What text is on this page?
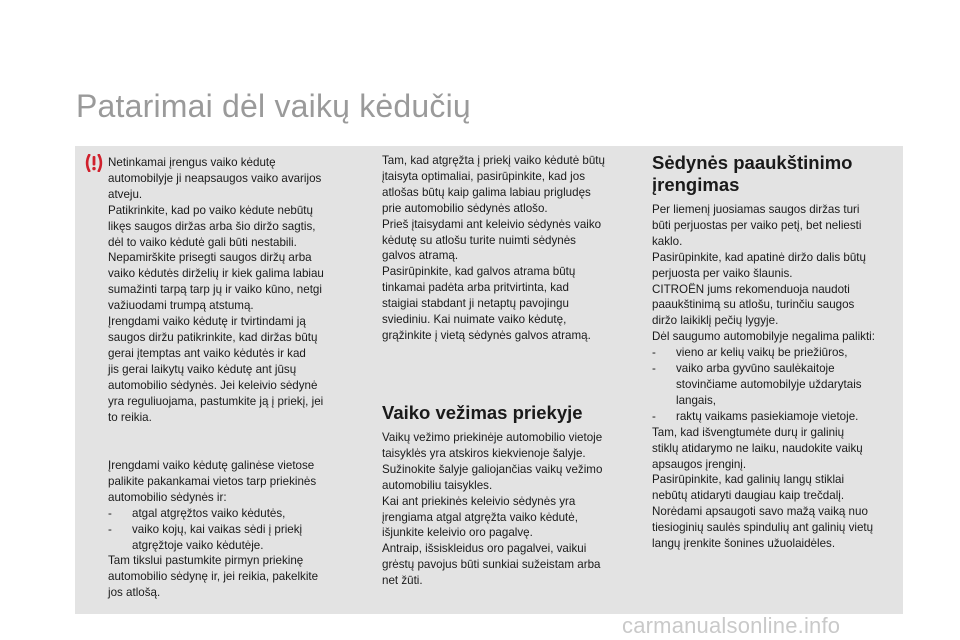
Patarimai dėl vaikų kėdučių

Netinkamai įrengus vaiko kėdutę

automobilyje ji neapsaugos vaiko avarijos

atveju.

Patikrinkite, kad po vaiko kėdute nebūtų

likęs saugos diržas arba šio diržo sagtis,

dėl to vaiko kėdutė gali būti nestabili.

Nepamirškite prisegti saugos diržų arba

vaiko kėdutės dirželių ir kiek galima labiau

sumažinti tarpą tarp jų ir vaiko kūno, netgi

važiuodami trumpą atstumą.

Įrengdami vaiko kėdutę ir tvirtindami ją

saugos diržu patikrinkite, kad diržas būtų

gerai įtemptas ant vaiko kėdutės ir kad

jis gerai laikytų vaiko kėdutę ant jūsų

automobilio sėdynės. Jei keleivio sėdynė

yra reguliuojama, pastumkite ją į priekį, jei

to reikia.

Įrengdami vaiko kėdutę galinėse vietose

palikite pakankamai vietos tarp priekinės

automobilio sėdynės ir:

-	atgal atgręžtos vaiko kėdutės,

-	vaiko kojų, kai vaikas sėdi į priekį

atgręžtoje vaiko kėdutėje.

Tam tikslui pastumkite pirmyn priekinę

automobilio sėdynę ir, jei reikia, pakelkite

jos atlošą.

Tam, kad atgręžta į priekį vaiko kėdutė būtų

įtaisyta optimaliai, pasirūpinkite, kad jos

atlošas būtų kaip galima labiau prigludęs

prie automobilio sėdynės atlošo.

Prieš įtaisydami ant keleivio sėdynės vaiko

kėdutę su atlošu turite nuimti sėdynės

galvos atramą.

Pasirūpinkite, kad galvos atrama būtų

tinkamai padėta arba pritvirtinta, kad

staigiai stabdant ji netaptų pavojingu

sviediniu. Kai nuimate vaiko kėdutę,

grąžinkite į vietą sėdynės galvos atramą.

Vaiko vežimas priekyje

Vaikų vežimo priekinėje automobilio vietoje

taisyklės yra atskiros kiekvienoje šalyje.

Sužinokite šalyje galiojančias vaikų vežimo

automobiliu taisykles.

Kai ant priekinės keleivio sėdynės yra

įrengiama atgal atgręžta vaiko kėdutė,

išjunkite keleivio oro pagalvę.

Antraip, išsiskleidus oro pagalvei, vaikui

grėstų pavojus būti sunkiai sužeistam arba

net žūti.

Sėdynės paaukštinimo
įrengimas

Per liemenį juosiamas saugos diržas turi

būti perjuostas per vaiko petį, bet neliesti

kaklo.

Pasirūpinkite, kad apatinė diržo dalis būtų

perjuosta per vaiko šlaunis.

CITROËN jums rekomenduoja naudoti

paaukštinimą su atlošu, turinčiu saugos

diržo laikiklį pečių lygyje.

Dėl saugumo automobilyje negalima palikti:

-	vieno ar kelių vaikų be priežiūros,

-	vaiko arba gyvūno saulėkaitoje

stovinčiame automobilyje uždarytais

langais,

-	raktų vaikams pasiekiamoje vietoje.

Tam, kad išvengtumėte durų ir galinių

stiklų atidarymo ne laiku, naudokite vaikų

apsaugos įrenginį.

Pasirūpinkite, kad galinių langų stiklai

nebūtų atidaryti daugiau kaip trečdalį.

Norėdami apsaugoti savo mažą vaiką nuo

tiesioginių saulės spindulių ant galinių vietų

langų įrenkite šonines užuolaidėles.

carmanualsonline.info
